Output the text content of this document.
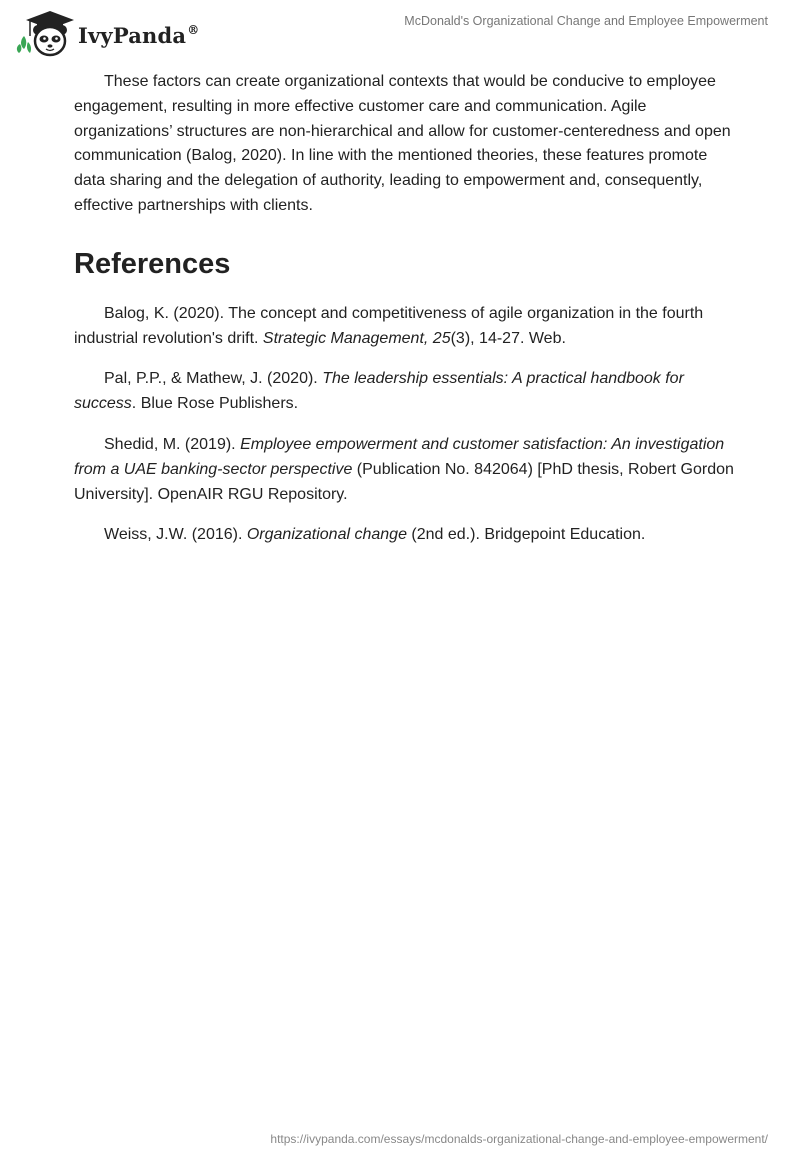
IvyPanda®
McDonald's Organizational Change and Employee Empowerment

These factors can create organizational contexts that would be conducive to employee engagement, resulting in more effective customer care and communication. Agile organizations’ structures are non-hierarchical and allow for customer-centeredness and open communication (Balog, 2020). In line with the mentioned theories, these features promote data sharing and the delegation of authority, leading to empowerment and, consequently, effective partnerships with clients.

References

Balog, K. (2020). The concept and competitiveness of agile organization in the fourth industrial revolution's drift. Strategic Management, 25(3), 14-27. Web.

Pal, P.P., & Mathew, J. (2020). The leadership essentials: A practical handbook for success. Blue Rose Publishers.

Shedid, M. (2019). Employee empowerment and customer satisfaction: An investigation from a UAE banking-sector perspective (Publication No. 842064) [PhD thesis, Robert Gordon University]. OpenAIR RGU Repository.

Weiss, J.W. (2016). Organizational change (2nd ed.). Bridgepoint Education.

https://ivypanda.com/essays/mcdonalds-organizational-change-and-employee-empowerment/
